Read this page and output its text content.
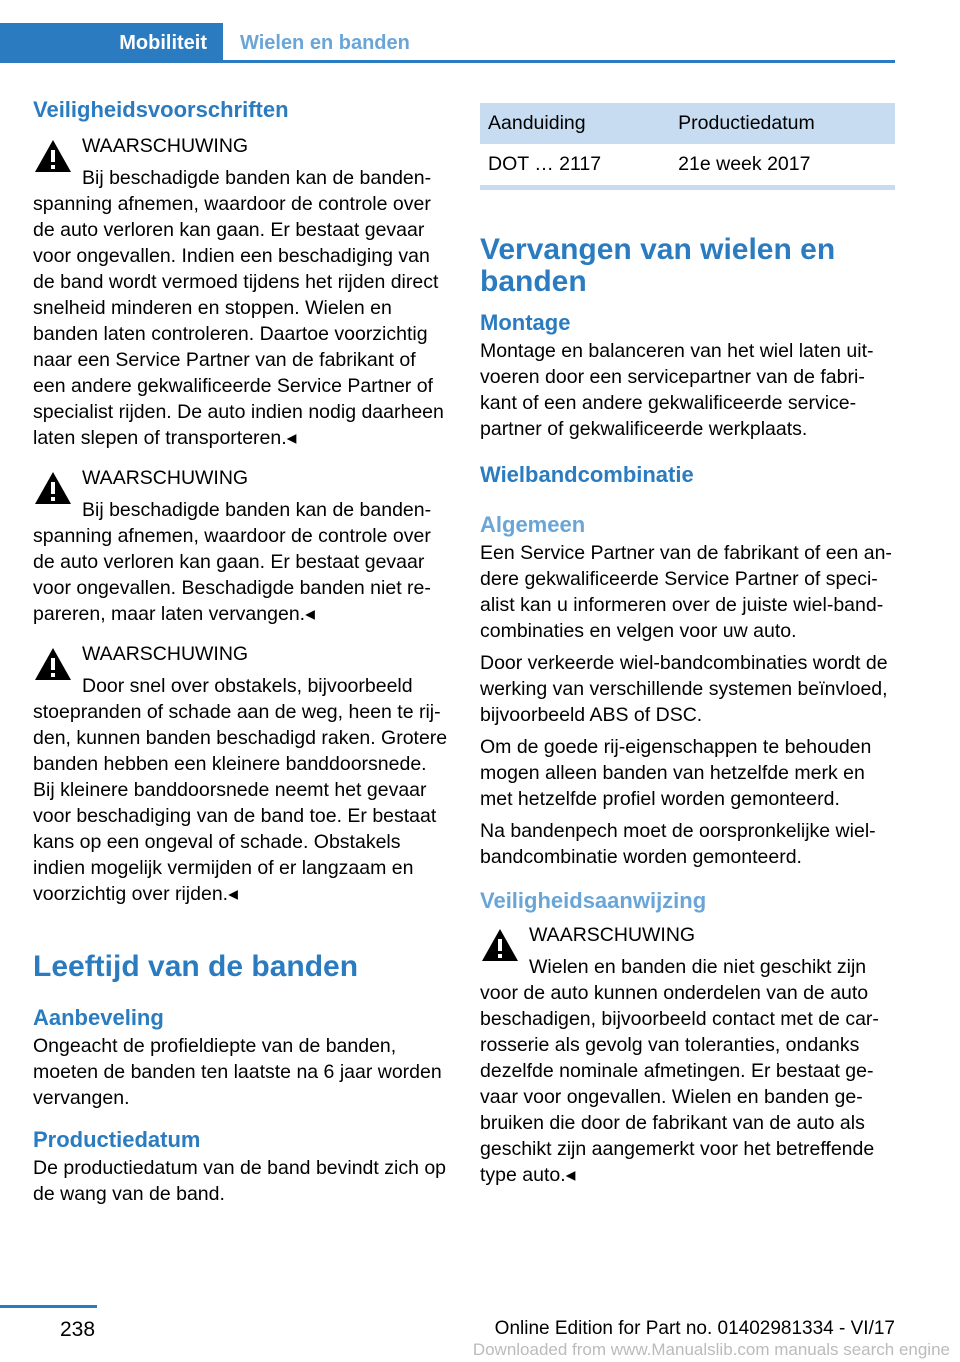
Mobiliteit	Wielen en banden
Veiligheidsvoorschriften
WAARSCHUWING
Bij beschadigde banden kan de bandenspanning afnemen, waardoor de controle over de auto verloren kan gaan. Er bestaat gevaar voor ongevallen. Indien een beschadiging van de band wordt vermoed tijdens het rijden direct snelheid minderen en stoppen. Wielen en banden laten controleren. Daartoe voorzichtig naar een Service Partner van de fabrikant of een andere gekwalificeerde Service Partner of specialist rijden. De auto indien nodig daarheen laten slepen of transporteren.◂
WAARSCHUWING
Bij beschadigde banden kan de bandenspanning afnemen, waardoor de controle over de auto verloren kan gaan. Er bestaat gevaar voor ongevallen. Beschadigde banden niet repareren, maar laten vervangen.◂
WAARSCHUWING
Door snel over obstakels, bijvoorbeeld stoepranden of schade aan de weg, heen te rijden, kunnen banden beschadigd raken. Grotere banden hebben een kleinere banddoorsnede. Bij kleinere banddoorsnede neemt het gevaar voor beschadiging van de band toe. Er bestaat kans op een ongeval of schade. Obstakels indien mogelijk vermijden of er langzaam en voorzichtig over rijden.◂
Leeftijd van de banden
Aanbeveling

Ongeacht de profieldiepte van de banden, moeten de banden ten laatste na 6 jaar worden vervangen.

Productiedatum

De productiedatum van de band bevindt zich op de wang van de band.

Aanduiding	Productiedatum
DOT … 2117	21e week 2017
Vervangen van wielen en banden
Montage

Montage en balanceren van het wiel laten uitvoeren door een servicepartner van de fabrikant of een andere gekwalificeerde servicepartner of gekwalificeerde werkplaats.

Wielbandcombinatie
Algemeen

Een Service Partner van de fabrikant of een andere gekwalificeerde Service Partner of specialist kan u informeren over de juiste wiel-bandcombinaties en velgen voor uw auto.

Door verkeerde wiel-bandcombinaties wordt de werking van verschillende systemen beïnvloed, bijvoorbeeld ABS of DSC.

Om de goede rij-eigenschappen te behouden mogen alleen banden van hetzelfde merk en met hetzelfde profiel worden gemonteerd.

Na bandenpech moet de oorspronkelijke wielbandcombinatie worden gemonteerd.

Veiligheidsaanwijzing
WAARSCHUWING
Wielen en banden die niet geschikt zijn voor de auto kunnen onderdelen van de auto beschadigen, bijvoorbeeld contact met de carrosserie als gevolg van toleranties, ondanks dezelfde nominale afmetingen. Er bestaat gevaar voor ongevallen. Wielen en banden gebruiken die door de fabrikant van de auto als geschikt zijn aangemerkt voor het betreffende type auto.◂
238	Online Edition for Part no. 01402981334 - VI/17
Downloaded from www.Manualslib.com manuals search engine
